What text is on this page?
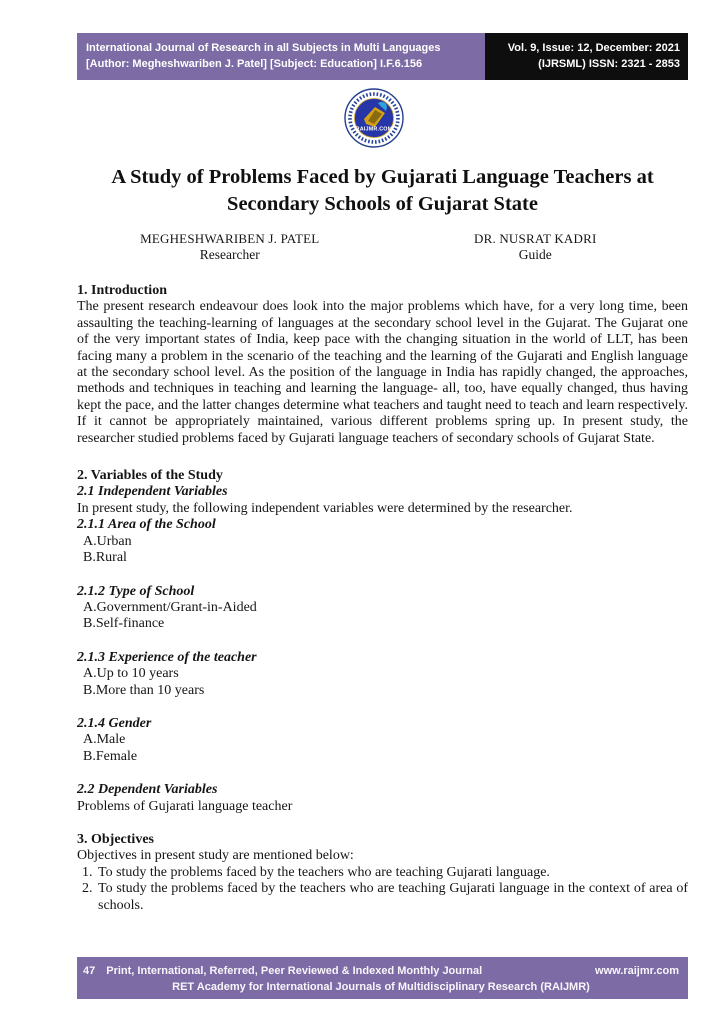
International Journal of Research in all Subjects in Multi Languages
[Author: Megheshwariben J. Patel] [Subject: Education] I.F.6.156
Vol. 9, Issue: 12, December: 2021
(IJRSML) ISSN: 2321 - 2853
RAIJMR.COM
A Study of Problems Faced by Gujarati Language Teachers at Secondary Schools of Gujarat State
MEGHESHWARIBEN J. PATEL
Researcher
DR. NUSRAT KADRI
Guide
1. Introduction

The present research endeavour does look into the major problems which have, for a very long time, been assaulting the teaching-learning of languages at the secondary school level in the Gujarat. The Gujarat one of the very important states of India, keep pace with the changing situation in the world of LLT, has been facing many a problem in the scenario of the teaching and the learning of the Gujarati and English language at the secondary school level. As the position of the language in India has rapidly changed, the approaches, methods and techniques in teaching and learning the language- all, too, have equally changed, thus having kept the pace, and the latter changes determine what teachers and taught need to teach and learn respectively. If it cannot be appropriately maintained, various different problems spring up. In present study, the researcher studied problems faced by Gujarati language teachers of secondary schools of Gujarat State.

2. Variables of the Study
2.1 Independent Variables

In present study, the following independent variables were determined by the researcher.

2.1.1 Area of the School
A.Urban
B.Rural
2.1.2 Type of School
A.Government/Grant-in-Aided
B.Self-finance
2.1.3 Experience of the teacher
A.Up to 10 years
B.More than 10 years
2.1.4 Gender
A.Male
B.Female
2.2 Dependent Variables

Problems of Gujarati language teacher

3. Objectives

Objectives in present study are mentioned below:

1. To study the problems faced by the teachers who are teaching Gujarati language.
2. To study the problems faced by the teachers who are teaching Gujarati language in the context of area of schools.
47 Print, International, Referred, Peer Reviewed & Indexed Monthly Journal	www.raijmr.com
RET Academy for International Journals of Multidisciplinary Research (RAIJMR)
